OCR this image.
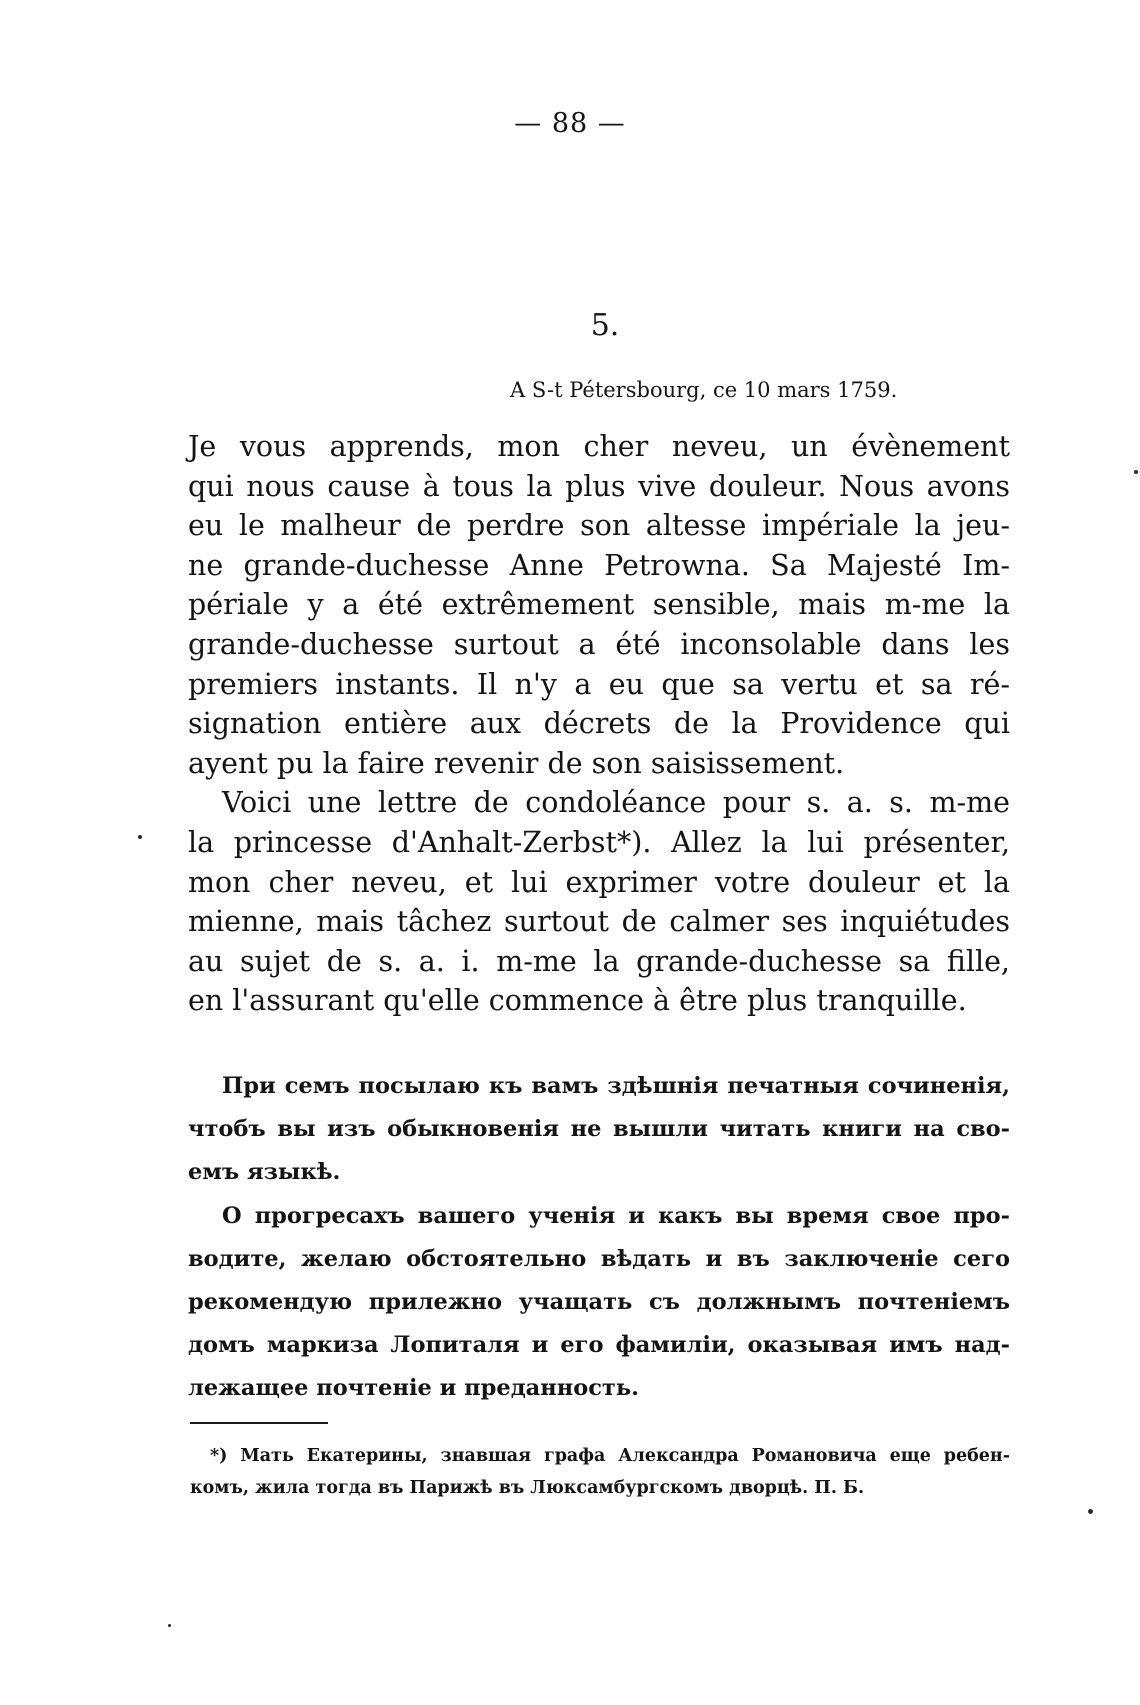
— 88 —
5.
A S-t Pétersbourg, ce 10 mars 1759.
Je vous apprends, mon cher neveu, un évènement
qui nous cause à tous la plus vive douleur. Nous avons
eu le malheur de perdre son altesse impériale la jeu-
ne grande-duchesse Anne Petrowna. Sa Majesté Im-
périale y a été extrêmement sensible, mais m-me la
grande-duchesse surtout a été inconsolable dans les
premiers instants. Il n'y a eu que sa vertu et sa ré-
signation entière aux décrets de la Providence qui
ayent pu la faire revenir de son saisissement.
Voici une lettre de condoléance pour s. a. s. m-me
la princesse d'Anhalt-Zerbst*). Allez la lui présenter,
mon cher neveu, et lui exprimer votre douleur et la
mienne, mais tâchez surtout de calmer ses inquiétudes
au sujet de s. a. i. m-me la grande-duchesse sa fille,
en l'assurant qu'elle commence à être plus tranquille.
При семъ посылаю къ вамъ здѣшнія печатныя сочиненія,
чтобъ вы изъ обыкновенія не вышли читать книги на сво-
емъ языкѣ.
О прогресахъ вашего ученія и какъ вы время свое про-
водите, желаю обстоятельно вѣдать и въ заключеніе сего
рекомендую прилежно учащать съ должнымъ почтеніемъ
домъ маркиза Лопиталя и его фамиліи, оказывая имъ над-
лежащее почтеніе и преданность.
*) Мать Екатерины, знавшая графа Александра Романовича еще ребен-
комъ, жила тогда въ Парижѣ въ Люксамбургскомъ дворцѣ. П. Б.
